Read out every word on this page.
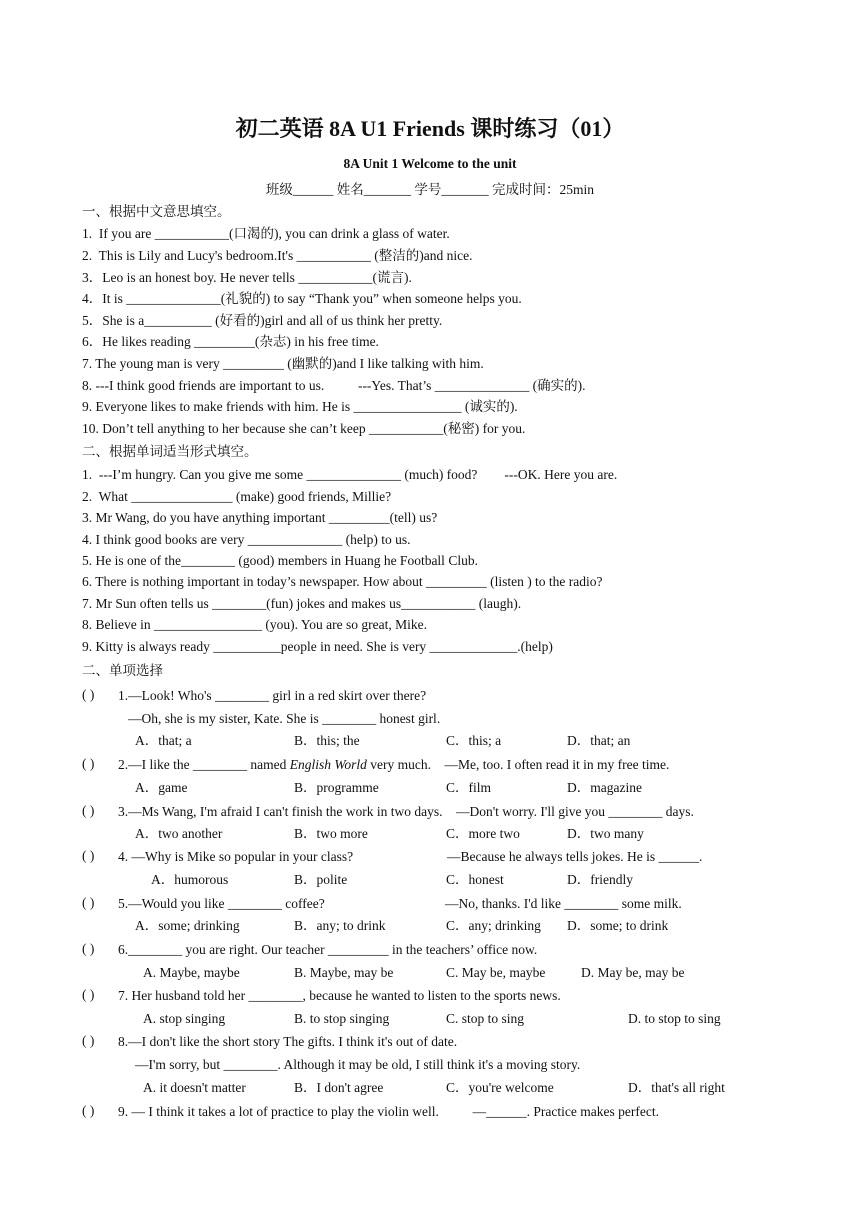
初二英语 8A U1 Friends 课时练习（01）
8A Unit 1 Welcome to the unit
班级______ 姓名_______ 学号_______ 完成时间：25min
一、根据中文意思填空。
1.  If you are ___________(口渴的), you can drink a glass of water.
2.  This is Lily and Lucy's bedroom.It's ___________ (整洁的)and nice.
3．Leo is an honest boy. He never tells ___________(谎言).
4．It is ______________(礼貌的) to say “Thank you” when someone helps you.
5．She is a__________ (好看的)girl and all of us think her pretty.
6．He likes reading _________(杂志) in his free time.
7. The young man is very _________ (幽默的)and I like talking with him.
8. ---I think good friends are important to us.          ---Yes. That’s ______________ (确实的).
9. Everyone likes to make friends with him. He is ________________ (诚实的).
10. Don’t tell anything to her because she can’t keep ___________(秘密) for you.
二、根据单词适当形式填空。
1.  ---I’m hungry. Can you give me some ______________ (much) food?        ---OK. Here you are.
2.  What _______________ (make) good friends, Millie?
3. Mr Wang, do you have anything important _________(tell) us?
4. I think good books are very ______________ (help) to us.
5. He is one of the________ (good) members in Huang he Football Club.
6. There is nothing important in today’s newspaper. How about _________ (listen ) to the radio?
7. Mr Sun often tells us ________(fun) jokes and makes us___________ (laugh).
8. Believe in ________________ (you). You are so great, Mike.
9. Kitty is always ready __________people in need. She is very _____________.(help)
二、单项选择
( ) 1.—Look! Who's ________ girl in a red skirt over there?
—Oh, she is my sister, Kate. She is ________ honest girl.
A．that; a	B．this; the	C．this; a	D．that; an
( ) 2.—I like the ________ named English World very much.    —Me, too. I often read it in my free time.
A．game	B．programme	C．film	D．magazine
( ) 3.—Ms Wang, I'm afraid I can't finish the work in two days.    —Don't worry. I'll give you ________ days.
A．two another	B．two more	C．more two	D．two many
( ) 4. —Why is Mike so popular in your class?	—Because he always tells jokes. He is ______.
A．humorous	B．polite	C．honest	D．friendly
( ) 5.—Would you like ________ coffee?	—No, thanks. I'd like ________ some milk.
A．some; drinking	B．any; to drink	C．any; drinking D．some; to drink
( ) 6.________ you are right. Our teacher _________ in the teachers’ office now.
A. Maybe, maybe	B. Maybe, may be	C. May be, maybe	D. May be, may be
( ) 7. Her husband told her ________, because he wanted to listen to the sports news.
A. stop singing	B. to stop singing	C. stop to sing	D. to stop to sing
( ) 8.—I don't like the short story The gifts. I think it's out of date.
—I'm sorry, but ________. Although it may be old, I still think it's a moving story.
A. it doesn't matter	B．I don't agree	C．you're welcome	D．that's all right
( ) 9. — I think it takes a lot of practice to play the violin well.          —______. Practice makes perfect.
